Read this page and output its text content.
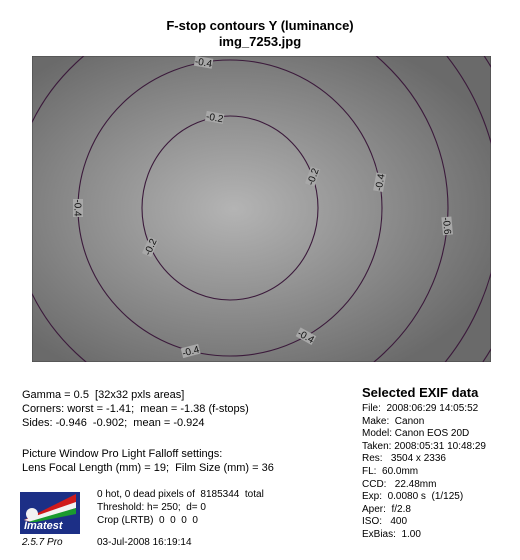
F-stop contours Y (luminance)
img_7253.jpg
-0.2
-0.2
-0.2
-0.4
-0.4
-0.4
-0.4
-0.4
-0.6
Gamma = 0.5  [32x32 pxls areas]
Corners: worst = -1.41;  mean = -1.38 (f-stops)
Sides: -0.946  -0.902;  mean = -0.924
Picture Window Pro Light Falloff settings:
Lens Focal Length (mm) = 19;  Film Size (mm) = 36
0 hot, 0 dead pixels of  8185344  total
Threshold: h= 250;  d= 0
Crop (LRTB)  0  0  0  0
Imatest
2.5.7 Pro	03-Jul-2008 16:19:14
Selected EXIF data
File:  2008:06:29 14:05:52
Make:  Canon
Model: Canon EOS 20D
Taken: 2008:05:31 10:48:29
Res:   3504 x 2336
FL:  60.0mm
CCD:   22.48mm
Exp:  0.0080 s  (1/125)
Aper:  f/2.8
ISO:   400
ExBias:  1.00
